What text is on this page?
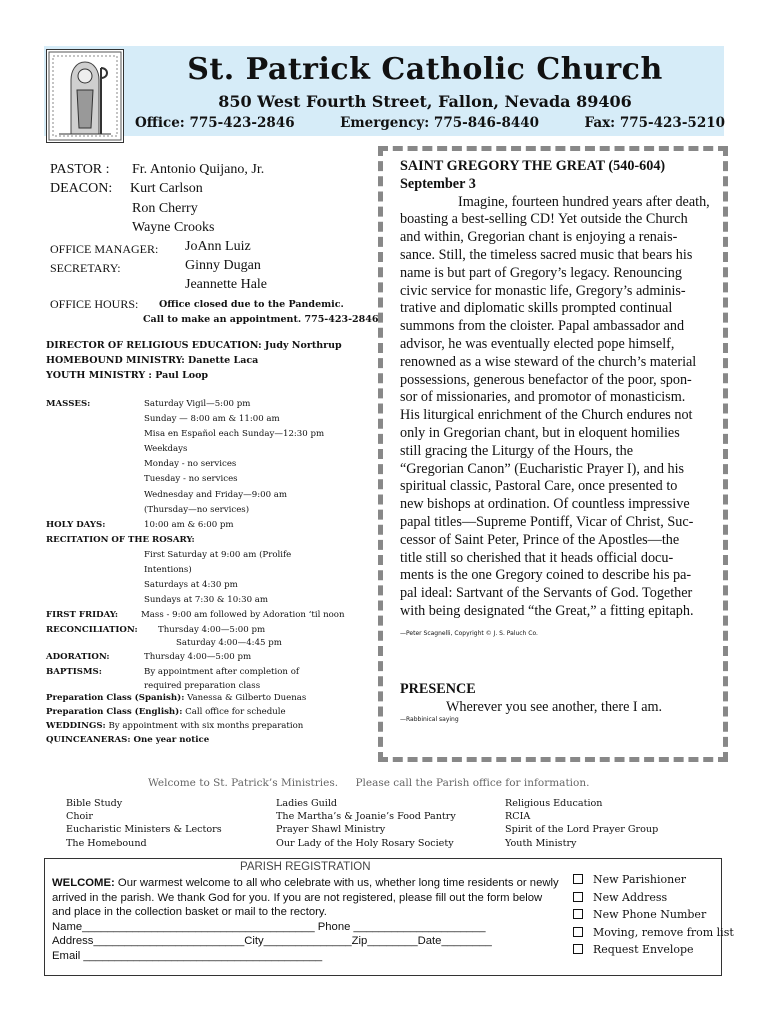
St. Patrick Catholic Church
850 West Fourth Street, Fallon, Nevada 89406
Office: 775-423-2846	Emergency: 775-846-8440	Fax: 775-423-5210
PASTOR : Fr. Antonio Quijano, Jr.
DEACON: Kurt Carlson
Ron Cherry
Wayne Crooks
OFFICE MANAGER: JoAnn Luiz
SECRETARY:	Ginny Dugan
Jeannette Hale
OFFICE HOURS: Office closed due to the Pandemic.
Call to make an appointment. 775-423-2846
DIRECTOR OF RELIGIOUS EDUCATION: Judy Northrup
HOMEBOUND MINISTRY: Danette Laca
YOUTH MINISTRY : Paul Loop
MASSES:	Saturday Vigil—5:00 pm
Sunday — 8:00 am & 11:00 am
Misa en Español each Sunday—12:30 pm
Weekdays
Monday - no services
Tuesday - no services
Wednesday and Friday—9:00 am
(Thursday—no services)
HOLY DAYS:	10:00 am & 6:00 pm
RECITATION OF THE ROSARY:
First Saturday at 9:00 am (Prolife
Intentions)
Saturdays at 4:30 pm
Sundays at 7:30 & 10:30 am
FIRST FRIDAY:	Mass - 9:00 am followed by Adoration ‘til noon
RECONCILIATION: Thursday 4:00—5:00 pm
Saturday 4:00—4:45 pm
ADORATION:	Thursday 4:00—5:00 pm
BAPTISMS:	By appointment after completion of
required preparation class
Preparation Class (Spanish): Vanessa & Gilberto Duenas
Preparation Class (English): Call office for schedule
WEDDINGS: By appointment with six months preparation
QUINCEANERAS: One year notice

SAINT GREGORY THE GREAT (540-604)

September 3

Imagine, fourteen hundred years after death,
boasting a best-selling CD! Yet outside the Church
and within, Gregorian chant is enjoying a renais-
sance. Still, the timeless sacred music that bears his
name is but part of Gregory’s legacy. Renouncing
civic service for monastic life, Gregory’s adminis-
trative and diplomatic skills prompted continual
summons from the cloister. Papal ambassador and
advisor, he was eventually elected pope himself,
renowned as a wise steward of the church’s material
possessions, generous benefactor of the poor, spon-
sor of missionaries, and promotor of monasticism.
His liturgical enrichment of the Church endures not
only in Gregorian chant, but in eloquent homilies
still gracing the Liturgy of the Hours, the
“Gregorian Canon” (Eucharistic Prayer I), and his
spiritual classic, Pastoral Care, once presented to
new bishops at ordination. Of countless impressive
papal titles—Supreme Pontiff, Vicar of Christ, Suc-
cessor of Saint Peter, Prince of the Apostles—the
title still so cherished that it heads official docu-
ments is the one Gregory coined to describe his pa-
pal ideal: Sartvant of the Servants of God. Together
with being designated “the Great,” a fitting epitaph.

—Peter Scagnelli, Copyright © J. S. Paluch Co.

PRESENCE
Wherever you see another, there I am.
—Rabbinical saying
Welcome to St. Patrick’s Ministries. Please call the Parish office for information.
Bible Study
Choir
Eucharistic Ministers & Lectors
The Homebound
Ladies Guild
The Martha’s & Joanie’s Food Pantry
Prayer Shawl Ministry
Our Lady of the Holy Rosary Society
Religious Education
RCIA
Spirit of the Lord Prayer Group
Youth Ministry
PARISH REGISTRATION
WELCOME: Our warmest welcome to all who celebrate with us, whether long time residents or newly arrived in the parish. We thank God for you. If you are not registered, please fill out the form below and place in the collection basket or mail to the rectory.
Name_____________________________________ Phone _____________________
Address________________________City______________Zip________Date________
Email ______________________________________
New Parishioner
New Address
New Phone Number
Moving, remove from list
Request Envelope
